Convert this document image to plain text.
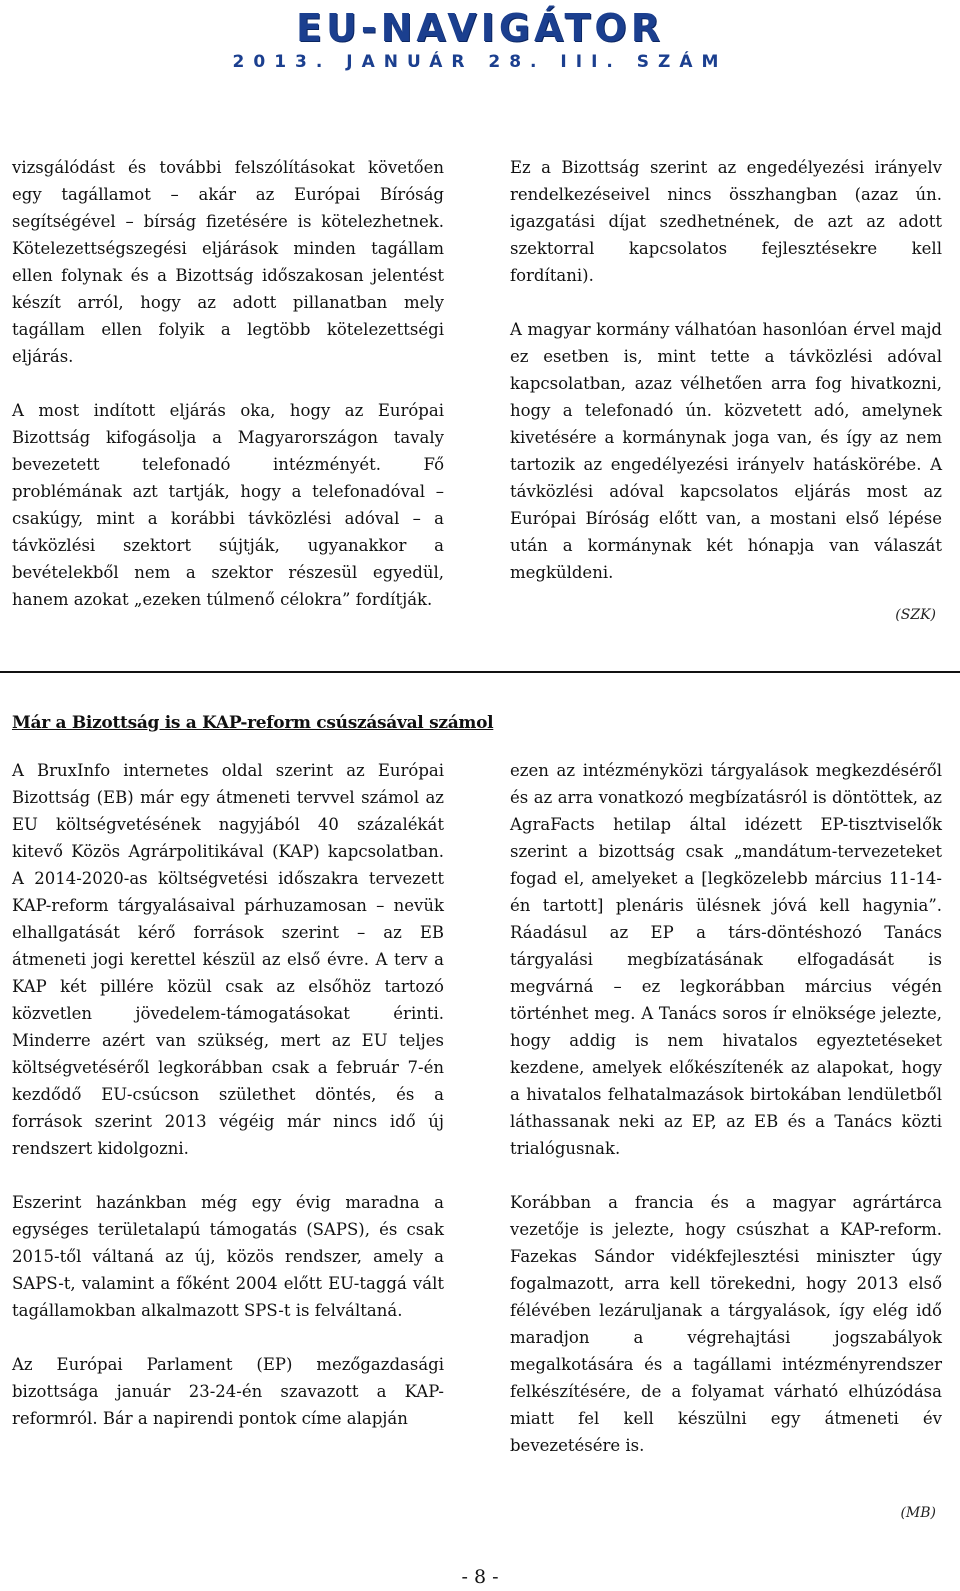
EU-NAVIGÁTOR
2013. JANUÁR 28. III. SZÁM

vizsgálódást és további felszólításokat követően egy tagállamot – akár az Európai Bíróság segítségével – bírság fizetésére is kötelezhetnek. Kötelezettségszegési eljárások minden tagállam ellen folynak és a Bizottság időszakosan jelentést készít arról, hogy az adott pillanatban mely tagállam ellen folyik a legtöbb kötelezettségi eljárás.

A most indított eljárás oka, hogy az Európai Bizottság kifogásolja a Magyarországon tavaly bevezetett telefonadó intézményét. Fő problémának azt tartják, hogy a telefonadóval – csakúgy, mint a korábbi távközlési adóval – a távközlési szektort sújtják, ugyanakkor a bevételekből nem a szektor részesül egyedül, hanem azokat „ezeken túlmenő célokra” fordítják.

Ez a Bizottság szerint az engedélyezési irányelv rendelkezéseivel nincs összhangban (azaz ún. igazgatási díjat szedhetnének, de azt az adott szektorral kapcsolatos fejlesztésekre kell fordítani).

A magyar kormány válhatóan hasonlóan érvel majd ez esetben is, mint tette a távközlési adóval kapcsolatban, azaz vélhetően arra fog hivatkozni, hogy a telefonadó ún. közvetett adó, amelynek kivetésére a kormánynak joga van, és így az nem tartozik az engedélyezési irányelv hatáskörébe. A távközlési adóval kapcsolatos eljárás most az Európai Bíróság előtt van, a mostani első lépése után a kormánynak két hónapja van válaszát megküldeni.

(SZK)
Már a Bizottság is a KAP-reform csúszásával számol

A BruxInfo internetes oldal szerint az Európai Bizottság (EB) már egy átmeneti tervvel számol az EU költségvetésének nagyjából 40 százalékát kitevő Közös Agrárpolitikával (KAP) kapcsolatban. A 2014-2020-as költségvetési időszakra tervezett KAP-reform tárgyalásaival párhuzamosan – nevük elhallgatását kérő források szerint – az EB átmeneti jogi kerettel készül az első évre. A terv a KAP két pillére közül csak az elsőhöz tartozó közvetlen jövedelem-támogatásokat érinti. Minderre azért van szükség, mert az EU teljes költségvetéséről legkorábban csak a február 7-én kezdődő EU-csúcson születhet döntés, és a források szerint 2013 végéig már nincs idő új rendszert kidolgozni.

Eszerint hazánkban még egy évig maradna a egységes területalapú támogatás (SAPS), és csak 2015-től váltaná az új, közös rendszer, amely a SAPS-t, valamint a főként 2004 előtt EU-taggá vált tagállamokban alkalmazott SPS-t is felváltaná.

Az Európai Parlament (EP) mezőgazdasági bizottsága január 23-24-én szavazott a KAP-reformról. Bár a napirendi pontok címe alapján

ezen az intézményközi tárgyalások megkezdéséről és az arra vonatkozó megbízatásról is döntöttek, az AgraFacts hetilap által idézett EP-tisztviselők szerint a bizottság csak „mandátum-tervezeteket fogad el, amelyeket a [legközelebb március 11-14-én tartott] plenáris ülésnek jóvá kell hagynia”. Ráadásul az EP a társ-döntéshozó Tanács tárgyalási megbízatásának elfogadását is megvárná – ez legkorábban március végén történhet meg. A Tanács soros ír elnöksége jelezte, hogy addig is nem hivatalos egyeztetéseket kezdene, amelyek előkészítenék az alapokat, hogy a hivatalos felhatalmazások birtokában lendületből láthassanak neki az EP, az EB és a Tanács közti trialógusnak.

Korábban a francia és a magyar agrártárca vezetője is jelezte, hogy csúszhat a KAP-reform. Fazekas Sándor vidékfejlesztési miniszter úgy fogalmazott, arra kell törekedni, hogy 2013 első félévében lezáruljanak a tárgyalások, így elég idő maradjon a végrehajtási jogszabályok megalkotására és a tagállami intézményrendszer felkészítésére, de a folyamat várható elhúzódása miatt fel kell készülni egy átmeneti év bevezetésére is.

(MB)
- 8 -
